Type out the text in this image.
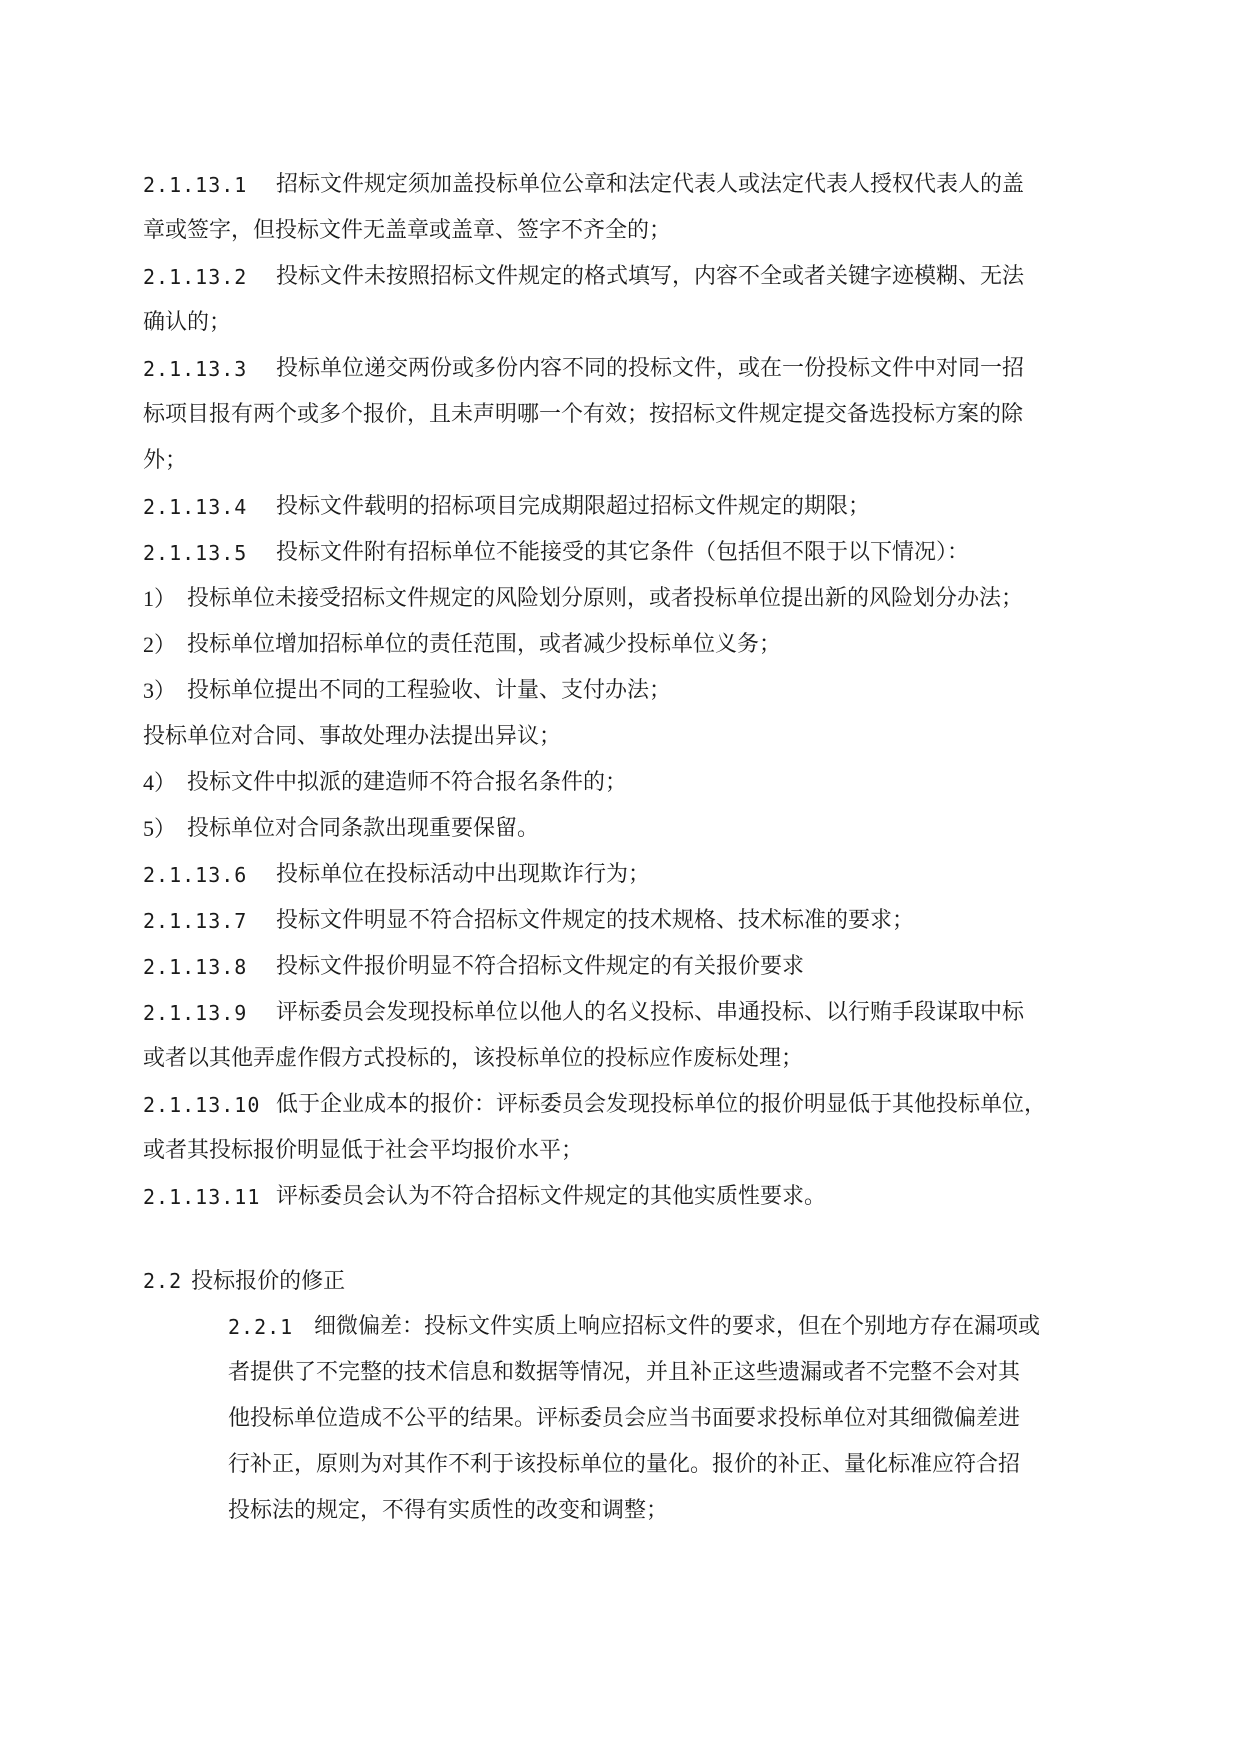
2.1.13.1	招标文件规定须加盖投标单位公章和法定代表人或法定代表人授权代表人的盖
章或签字，但投标文件无盖章或盖章、签字不齐全的；
2.1.13.2	投标文件未按照招标文件规定的格式填写，内容不全或者关键字迹模糊、无法
确认的；
2.1.13.3	投标单位递交两份或多份内容不同的投标文件，或在一份投标文件中对同一招
标项目报有两个或多个报价，且未声明哪一个有效；按招标文件规定提交备选投标方案的除
外；
2.1.13.4	投标文件载明的招标项目完成期限超过招标文件规定的期限；
2.1.13.5	投标文件附有招标单位不能接受的其它条件（包括但不限于以下情况）：
1） 投标单位未接受招标文件规定的风险划分原则，或者投标单位提出新的风险划分办法；
2） 投标单位增加招标单位的责任范围，或者减少投标单位义务；
3） 投标单位提出不同的工程验收、计量、支付办法；
投标单位对合同、事故处理办法提出异议；
4） 投标文件中拟派的建造师不符合报名条件的；
5） 投标单位对合同条款出现重要保留。
2.1.13.6	投标单位在投标活动中出现欺诈行为；
2.1.13.7	投标文件明显不符合招标文件规定的技术规格、技术标准的要求；
2.1.13.8	投标文件报价明显不符合招标文件规定的有关报价要求
2.1.13.9	评标委员会发现投标单位以他人的名义投标、串通投标、以行贿手段谋取中标
或者以其他弄虚作假方式投标的，该投标单位的投标应作废标处理；
2.1.13.10 低于企业成本的报价：评标委员会发现投标单位的报价明显低于其他投标单位，
或者其投标报价明显低于社会平均报价水平；
2.1.13.11 评标委员会认为不符合招标文件规定的其他实质性要求。
2.2 投标报价的修正
2.2.1 细微偏差：投标文件实质上响应招标文件的要求，但在个别地方存在漏项或
者提供了不完整的技术信息和数据等情况，并且补正这些遗漏或者不完整不会对其
他投标单位造成不公平的结果。评标委员会应当书面要求投标单位对其细微偏差进
行补正，原则为对其作不利于该投标单位的量化。报价的补正、量化标准应符合招
投标法的规定，不得有实质性的改变和调整；
